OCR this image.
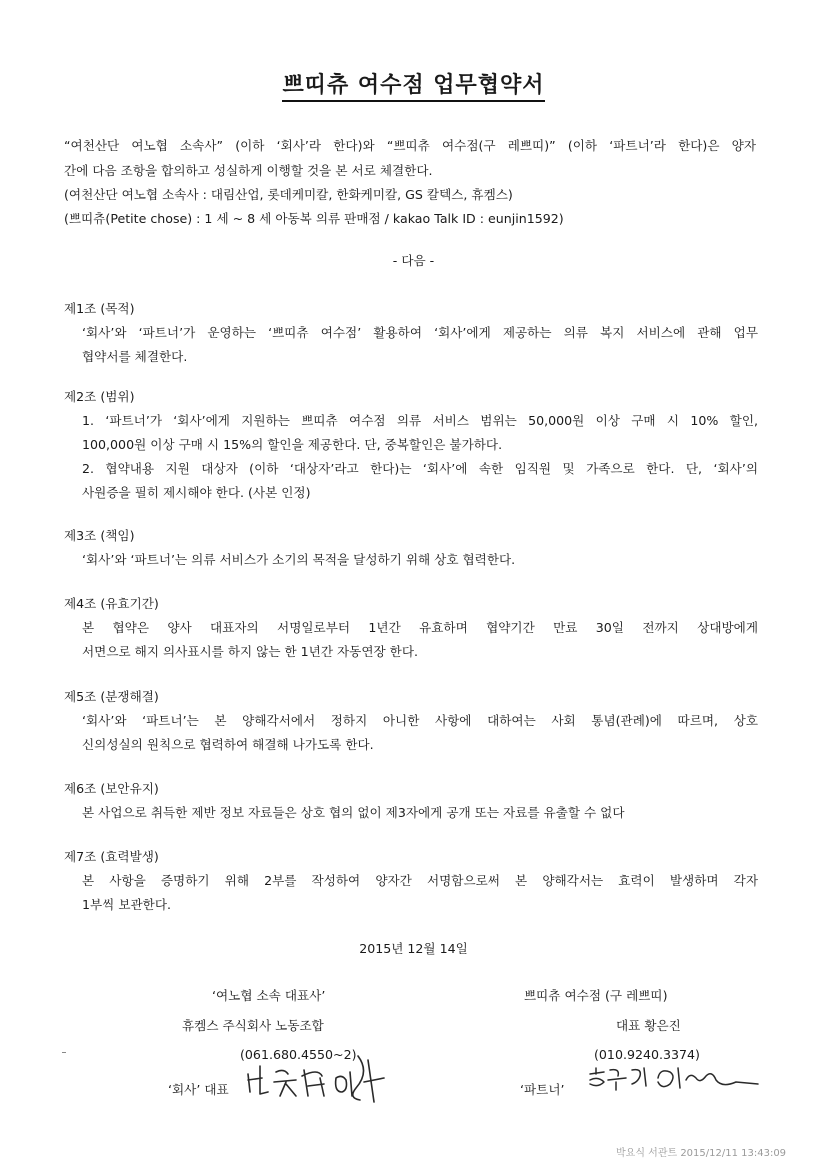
쁘띠츄 여수점 업무협약서
“여천산단 여노협 소속사” (이하 ‘회사’라 한다)와 “쁘띠츄 여수점(구 레쁘띠)” (이하 ‘파트너’라 한다)은 양자
간에 다음 조항을 합의하고 성실하게 이행할 것을 본 서로 체결한다.
(여천산단 여노협 소속사 : 대림산업, 롯데케미칼, 한화케미칼, GS 칼텍스, 휴켐스)
(쁘띠츄(Petite chose) : 1 세 ~ 8 세 아동복 의류 판매점 / kakao Talk ID : eunjin1592)
- 다음 -
제1조 (목적)
‘회사’와 ‘파트너’가 운영하는 ‘쁘띠츄 여수점’ 활용하여 ‘회사’에게 제공하는 의류 복지 서비스에 관해 업무
협약서를 체결한다.
제2조 (범위)
1. ‘파트너’가 ‘회사’에게 지원하는 쁘띠츄 여수점 의류 서비스 범위는 50,000원 이상 구매 시 10% 할인,
100,000원 이상 구매 시 15%의 할인을 제공한다. 단, 중복할인은 불가하다.
2. 협약내용 지원 대상자 (이하 ‘대상자’라고 한다)는 ‘회사’에 속한 임직원 및 가족으로 한다. 단, ‘회사’의
사원증을 필히 제시해야 한다. (사본 인정)
제3조 (책임)
‘회사’와 ‘파트너’는 의류 서비스가 소기의 목적을 달성하기 위해 상호 협력한다.
제4조 (유효기간)
본 협약은 양사 대표자의 서명일로부터 1년간 유효하며 협약기간 만료 30일 전까지 상대방에게
서면으로 해지 의사표시를 하지 않는 한 1년간 자동연장 한다.
제5조 (분쟁해결)
‘회사’와 ‘파트너’는 본 양해각서에서 정하지 아니한 사항에 대하여는 사회 통념(관례)에 따르며, 상호
신의성실의 원칙으로 협력하여 해결해 나가도록 한다.
제6조 (보안유지)
본 사업으로 취득한 제반 정보 자료들은 상호 협의 없이 제3자에게 공개 또는 자료를 유출할 수 없다
제7조 (효력발생)
본 사항을 증명하기 위해 2부를 작성하여 양자간 서명함으로써 본 양해각서는 효력이 발생하며 각자
1부씩 보관한다.
2015년 12월 14일
‘여노협 소속 대표사’
휴켐스 주식회사 노동조합
(061.680.4550~2)
‘회사’ 대표
쁘띠츄 여수점 (구 레쁘띠)
대표 황은진
(010.9240.3374)
‘파트너’
박요식 서관트 2015/12/11 13:43:09
